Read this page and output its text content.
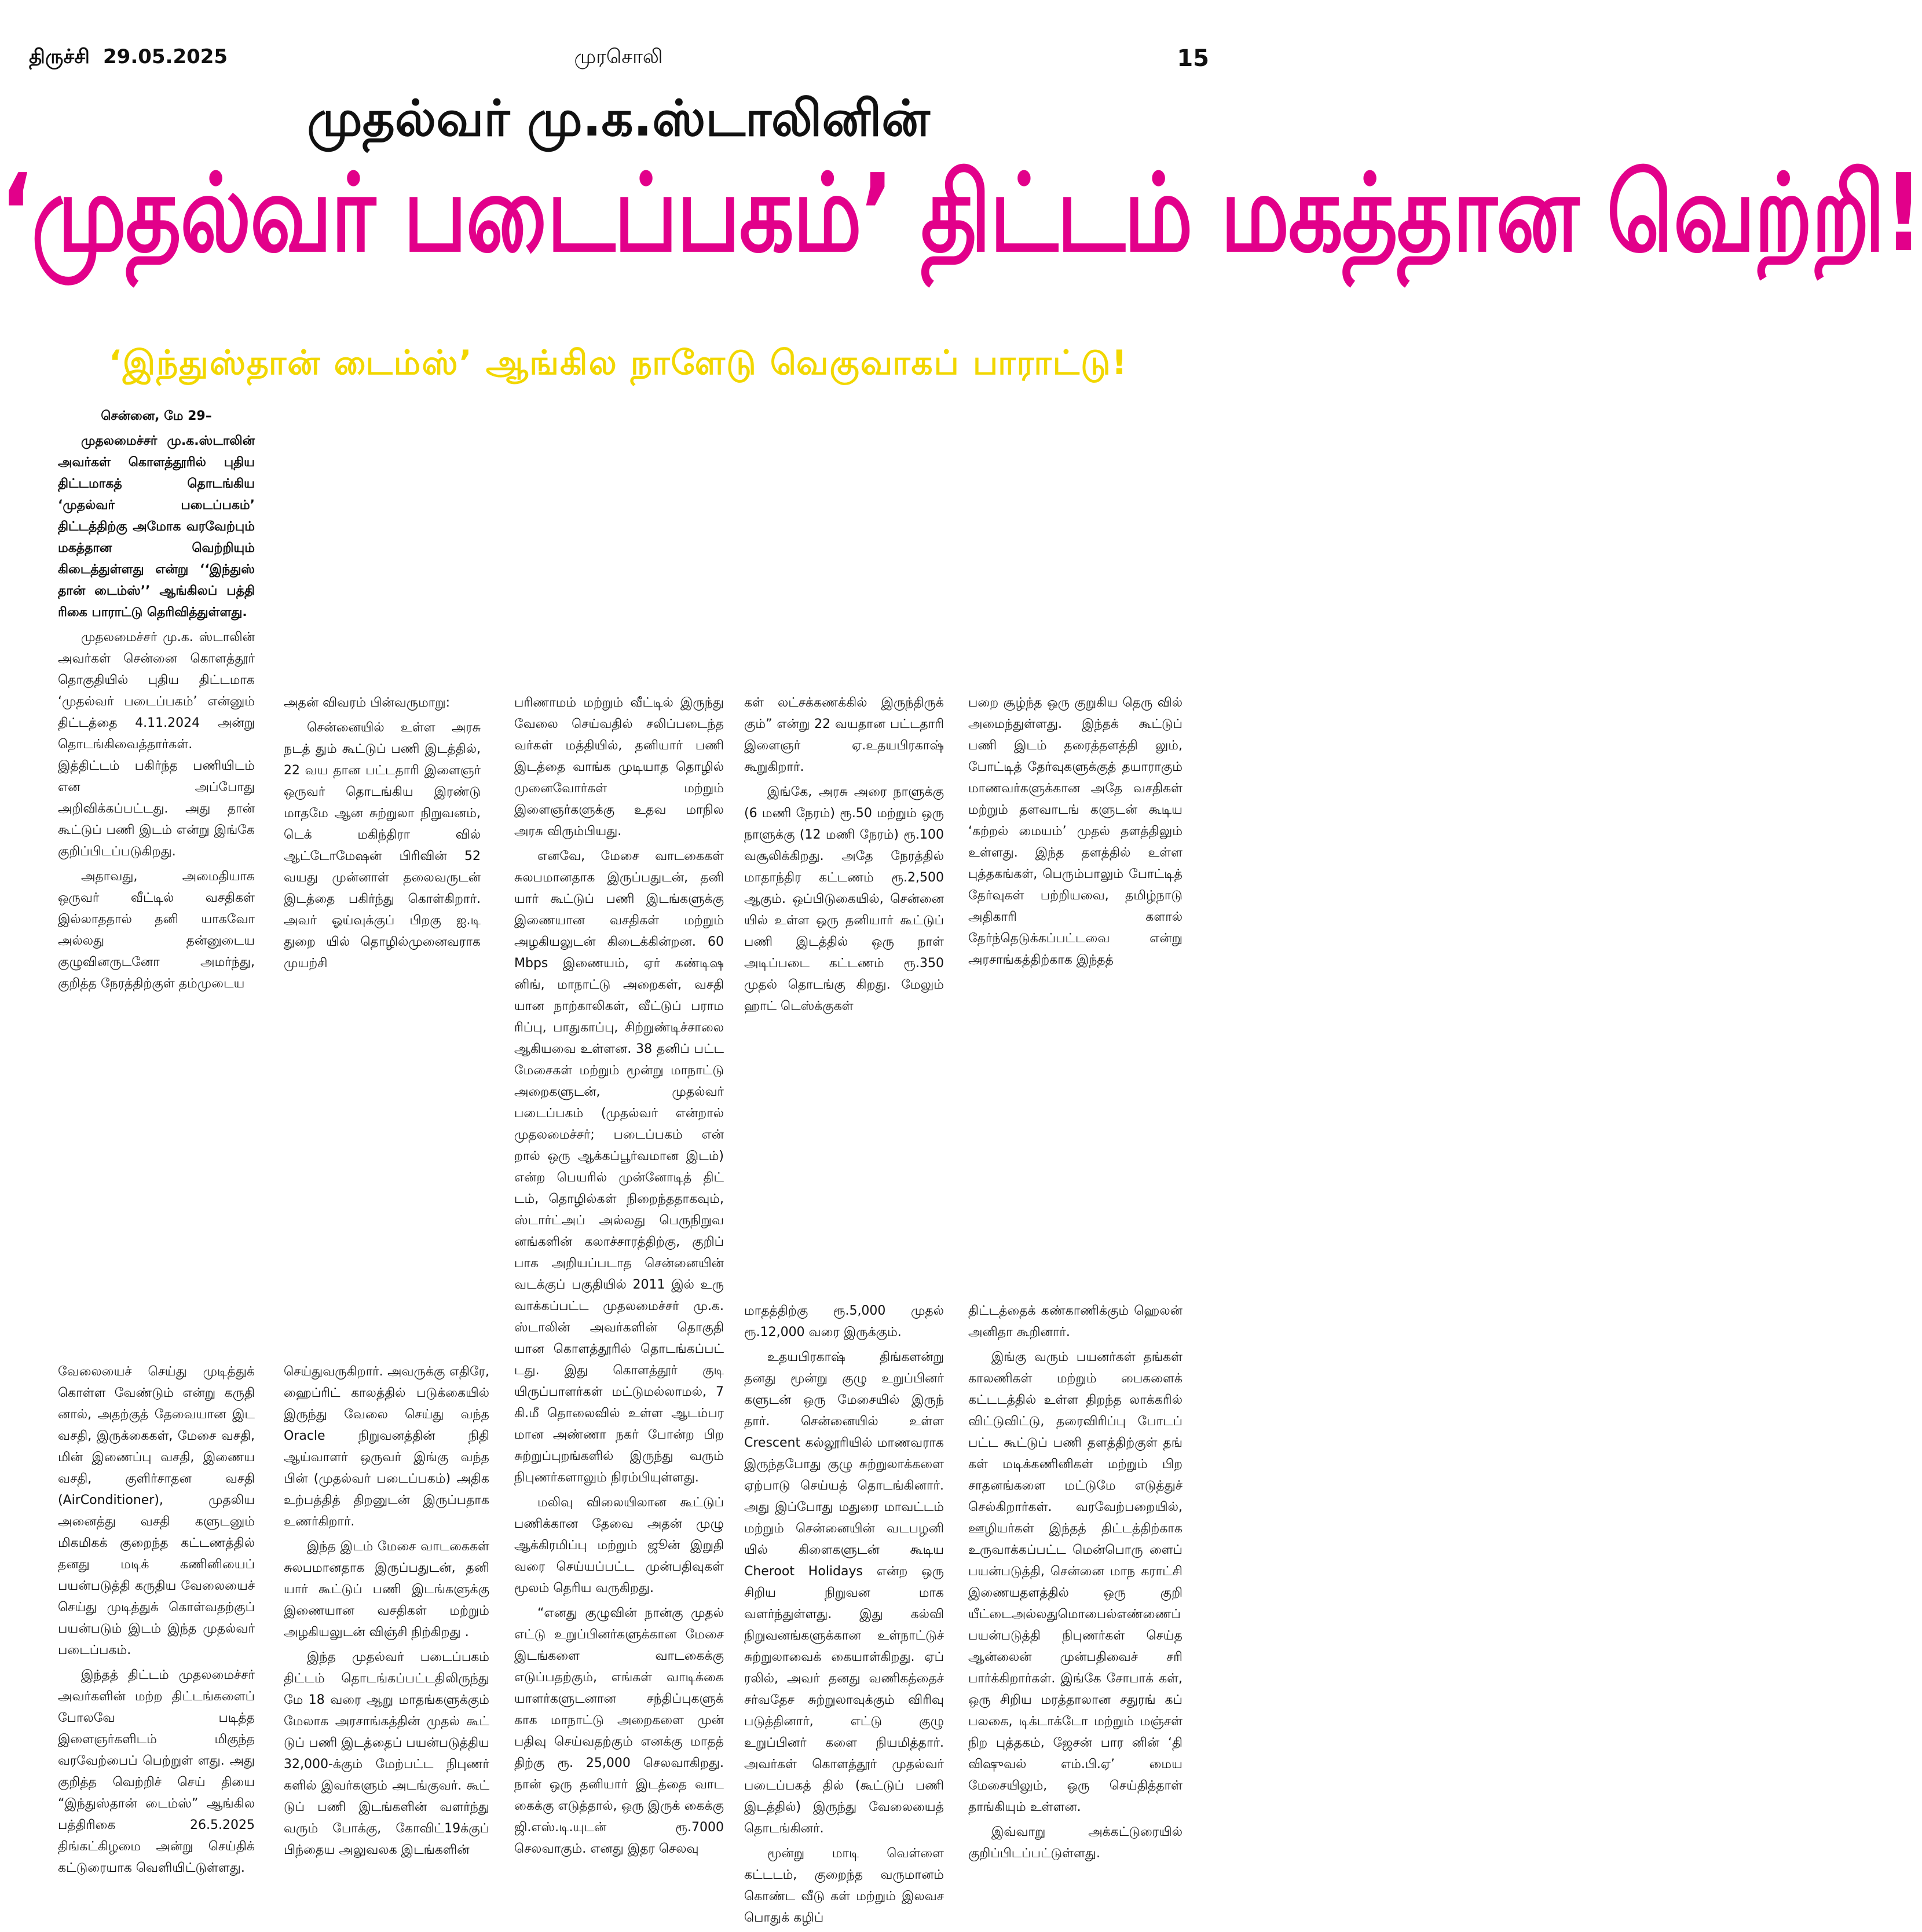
திருச்சி 29.05.2025	முரசொலி	15
முதல்வர் மு.க.ஸ்டாலினின்
‘முதல்வர் படைப்பகம்’ திட்டம் மகத்தான வெற்றி!
‘இந்துஸ்தான் டைம்ஸ்’ ஆங்கில நாளேடு வெகுவாகப் பாராட்டு!

சென்னை, மே 29–

முதலமைச்சர் மு.க.ஸ்டாலின் அவர்கள் கொளத்தூரில் புதிய திட்டமாகத் தொடங்கிய ‘முதல்வர் படைப்பகம்’ திட்டத்திற்கு அமோக வரவேற்பும் மகத்தான வெற்றியும் கிடைத்துள்ளது என்று ‘‘இந்துஸ் தான் டைம்ஸ்’’ ஆங்கிலப் பத்தி ரிகை பாராட்டு தெரிவித்துள்ளது.

முதலமைச்சர் மு.க. ஸ்டாலின் அவர்கள் சென்னை கொளத்தூர் தொகுதியில் புதிய திட்டமாக ‘முதல்வர் படைப்பகம்’ என்னும் திட்டத்தை 4.11.2024 அன்று தொடங்கிவைத்தார்கள். இத்திட்டம் பகிர்ந்த பணியிடம் என அப்போது அறிவிக்கப்பட்டது. அது தான் கூட்டுப் பணி இடம் என்று இங்கே குறிப்பிடப்படுகிறது.

அதாவது, அமைதியாக ஒருவர் வீட்டில் வசதிகள் இல்லாததால் தனி யாகவோ அல்லது தன்னுடைய குழுவினருடனோ அமர்ந்து, குறித்த நேரத்திற்குள் தம்முடைய

அதன் விவரம் பின்வருமாறு:

சென்னையில் உள்ள அரசு நடத் தும் கூட்டுப் பணி இடத்தில், 22 வய தான பட்டதாரி இளைஞர் ஒருவர் தொடங்கிய இரண்டு மாதமே ஆன சுற்றுலா நிறுவனம், டெக் மகிந்திரா வில் ஆட்டோமேஷன் பிரிவின் 52 வயது முன்னாள் தலைவருடன் இடத்தை பகிர்ந்து கொள்கிறார். அவர் ஓய்வுக்குப் பிறகு ஐ.டி துறை யில் தொழில்முனைவராக முயற்சி

பரிணாமம் மற்றும் வீட்டில் இருந்து வேலை செய்வதில் சலிப்படைந்த வர்கள் மத்தியில், தனியார் பணி இடத்தை வாங்க முடியாத தொழில் முனைவோர்கள் மற்றும் இளைஞர்களுக்கு உதவ மாநில அரசு விரும்பியது.

எனவே, மேசை வாடகைகள் சுலபமானதாக இருப்பதுடன், தனி யார் கூட்டுப் பணி இடங்களுக்கு இணையான வசதிகள் மற்றும் அழகியலுடன் கிடைக்கின்றன. 60 Mbps இணையம், ஏர் கண்டிஷ னிங், மாநாட்டு அறைகள், வசதி யான நாற்காலிகள், வீட்டுப் பராம ரிப்பு, பாதுகாப்பு, சிற்றுண்டிச்சாலை ஆகியவை உள்ளன. 38 தனிப் பட்ட மேசைகள் மற்றும் மூன்று மாநாட்டு அறைகளுடன், முதல்வர் படைப்பகம் (முதல்வர் என்றால் முதலமைச்சர்; படைப்பகம் என் றால் ஒரு ஆக்கப்பூர்வமான இடம்) என்ற பெயரில் முன்னோடித் திட் டம், தொழில்கள் நிறைந்ததாகவும், ஸ்டார்ட்அப் அல்லது பெருநிறுவ னங்களின் கலாச்சாரத்திற்கு, குறிப் பாக அறியப்படாத சென்னையின் வடக்குப் பகுதியில் 2011 இல் உரு வாக்கப்பட்ட முதலமைச்சர் மு.க. ஸ்டாலின் அவர்களின் தொகுதி யான கொளத்தூரில் தொடங்கப்பட் டது. இது கொளத்தூர் குடி யிருப்பாளர்கள் மட்டுமல்லாமல், 7 கி.மீ தொலைவில் உள்ள ஆடம்பர மான அண்ணா நகர் போன்ற பிற சுற்றுப்புறங்களில் இருந்து வரும் நிபுணர்களாலும் நிரம்பியுள்ளது.

மலிவு விலையிலான கூட்டுப் பணிக்கான தேவை அதன் முழு ஆக்கிரமிப்பு மற்றும் ஜூன் இறுதி வரை செய்யப்பட்ட முன்பதிவுகள் மூலம் தெரிய வருகிறது.

“எனது குழுவின் நான்கு முதல் எட்டு உறுப்பினர்களுக்கான மேசை இடங்களை வாடகைக்கு எடுப்பதற்கும், எங்கள் வாடிக்கை யாளர்களுடனான சந்திப்புகளுக் காக மாநாட்டு அறைகளை முன் பதிவு செய்வதற்கும் எனக்கு மாதத் திற்கு ரூ. 25,000 செலவாகிறது. நான் ஒரு தனியார் இடத்தை வாட கைக்கு எடுத்தால், ஒரு இருக் கைக்கு ஜி.எஸ்.டி.யுடன் ரூ.7000 செலவாகும். எனது இதர செலவு

கள் லட்சக்கணக்கில் இருந்திருக் கும்” என்று 22 வயதான பட்டதாரி இளைஞர் ஏ.உதயபிரகாஷ் கூறுகிறார்.

இங்கே, அரசு அரை நாளுக்கு (6 மணி நேரம்) ரூ.50 மற்றும் ஒரு நாளுக்கு (12 மணி நேரம்) ரூ.100 வசூலிக்கிறது. அதே நேரத்தில் மாதாந்திர கட்டணம் ரூ.2,500 ஆகும். ஒப்பிடுகையில், சென்னை யில் உள்ள ஒரு தனியார் கூட்டுப் பணி இடத்தில் ஒரு நாள் அடிப்படை கட்டணம் ரூ.350 முதல் தொடங்கு கிறது. மேலும் ஹாட் டெஸ்க்குகள்

பறை சூழ்ந்த ஒரு குறுகிய தெரு வில் அமைந்துள்ளது. இந்தக் கூட்டுப் பணி இடம் தரைத்தளத்தி லும், போட்டித் தேர்வுகளுக்குத் தயாராகும் மாணவர்களுக்கான அதே வசதிகள் மற்றும் தளவாடங் களுடன் கூடிய ‘கற்றல் மையம்’ முதல் தளத்திலும் உள்ளது. இந்த தளத்தில் உள்ள புத்தகங்கள், பெரும்பாலும் போட்டித் தேர்வுகள் பற்றியவை, தமிழ்நாடு அதிகாரி களால் தேர்ந்தெடுக்கப்பட்டவை என்று அரசாங்கத்திற்காக இந்தத்

வேலையைச் செய்து முடித்துக் கொள்ள வேண்டும் என்று கருதி னால், அதற்குத் தேவையான இட வசதி, இருக்கைகள், மேசை வசதி, மின் இணைப்பு வசதி, இணைய வசதி, குளிர்சாதன வசதி (AirConditioner), முதலிய அனைத்து வசதி களுடனும் மிகமிகக் குறைந்த கட்டணத்தில் தனது மடிக் கணினியைப் பயன்படுத்தி கருதிய வேலையைச் செய்து முடித்துக் கொள்வதற்குப் பயன்படும் இடம் இந்த முதல்வர் படைப்பகம்.

இந்தத் திட்டம் முதலமைச்சர் அவர்களின் மற்ற திட்டங்களைப் போலவே படித்த இளைஞர்களிடம் மிகுந்த வரவேற்பைப் பெற்றுள் ளது. அது குறித்த வெற்றிச் செய் தியை “இந்துஸ்தான் டைம்ஸ்” ஆங்கில பத்திரிகை 26.5.2025 திங்கட்கிழமை அன்று செய்திக் கட்டுரையாக வெளியிட்டுள்ளது.

செய்துவருகிறார். அவருக்கு எதிரே, ஹைப்ரிட் காலத்தில் படுக்கையில் இருந்து வேலை செய்து வந்த Oracle நிறுவனத்தின் நிதி ஆய்வாளர் ஒருவர் இங்கு வந்த பின் (முதல்வர் படைப்பகம்) அதிக உற்பத்தித் திறனுடன் இருப்பதாக உணர்கிறார்.

இந்த இடம் மேசை வாடகைகள் சுலபமானதாக இருப்பதுடன், தனி யார் கூட்டுப் பணி இடங்களுக்கு இணையான வசதிகள் மற்றும் அழகியலுடன் விஞ்சி நிற்கிறது .

இந்த முதல்வர் படைப்பகம் திட்டம் தொடங்கப்பட்டதிலிருந்து மே 18 வரை ஆறு மாதங்களுக்கும் மேலாக அரசாங்கத்தின் முதல் கூட் டுப் பணி இடத்தைப் பயன்படுத்திய 32,000-க்கும் மேற்பட்ட நிபுணர் களில் இவர்களும் அடங்குவர். கூட் டுப் பணி இடங்களின் வளர்ந்து வரும் போக்கு, கோவிட்19க்குப் பிந்தைய அலுவலக இடங்களின்

மாதத்திற்கு ரூ.5,000 முதல் ரூ.12,000 வரை இருக்கும்.

உதயபிரகாஷ் திங்களன்று தனது மூன்று குழு உறுப்பினர் களுடன் ஒரு மேசையில் இருந் தார். சென்னையில் உள்ள Crescent கல்லூரியில் மாணவராக இருந்தபோது குழு சுற்றுலாக்களை ஏற்பாடு செய்யத் தொடங்கினார். அது இப்போது மதுரை மாவட்டம் மற்றும் சென்னையின் வடபழனி யில் கிளைகளுடன் கூடிய Cheroot Holidays என்ற ஒரு சிறிய நிறுவன மாக வளர்ந்துள்ளது. இது கல்வி நிறுவனங்களுக்கான உள்நாட்டுச் சுற்றுலாவைக் கையாள்கிறது. ஏப் ரலில், அவர் தனது வணிகத்தைச் சர்வதேச சுற்றுலாவுக்கும் விரிவு படுத்தினார், எட்டு குழு உறுப்பினர் களை நியமித்தார். அவர்கள் கொளத்தூர் முதல்வர் படைப்பகத் தில் (கூட்டுப் பணி இடத்தில்) இருந்து வேலையைத் தொடங்கினர்.

மூன்று மாடி வெள்ளை கட்டடம், குறைந்த வருமானம் கொண்ட வீடு கள் மற்றும் இலவச பொதுக் கழிப்

திட்டத்தைக் கண்காணிக்கும் ஹெலன் அனிதா கூறினார்.

இங்கு வரும் பயனர்கள் தங்கள் காலணிகள் மற்றும் பைகளைக் கட்டடத்தில் உள்ள திறந்த லாக்கரில் விட்டுவிட்டு, தரைவிரிப்பு போடப் பட்ட கூட்டுப் பணி தளத்திற்குள் தங் கள் மடிக்கணினிகள் மற்றும் பிற சாதனங்களை மட்டுமே எடுத்துச் செல்கிறார்கள். வரவேற்பறையில், ஊழியர்கள் இந்தத் திட்டத்திற்காக உருவாக்கப்பட்ட மென்பொரு ளைப் பயன்படுத்தி, சென்னை மாந கராட்சி இணையதளத்தில் ஒரு குறி யீட்டைஅல்லதுமொபைல்எண்ணைப் பயன்படுத்தி நிபுணர்கள் செய்த ஆன்லைன் முன்பதிவைச் சரி பார்க்கிறார்கள். இங்கே சோபாக் கள், ஒரு சிறிய மரத்தாலான சதுரங் கப் பலகை, டிக்டாக்டோ மற்றும் மஞ்சள் நிற புத்தகம், ஜேசன் பார னின் ‘தி விஷுவல் எம்.பி.ஏ’ மைய மேசையிலும், ஒரு செய்தித்தாள் தாங்கியும் உள்ளன.

இவ்வாறு அக்கட்டுரையில் குறிப்பிடப்பட்டுள்ளது.
